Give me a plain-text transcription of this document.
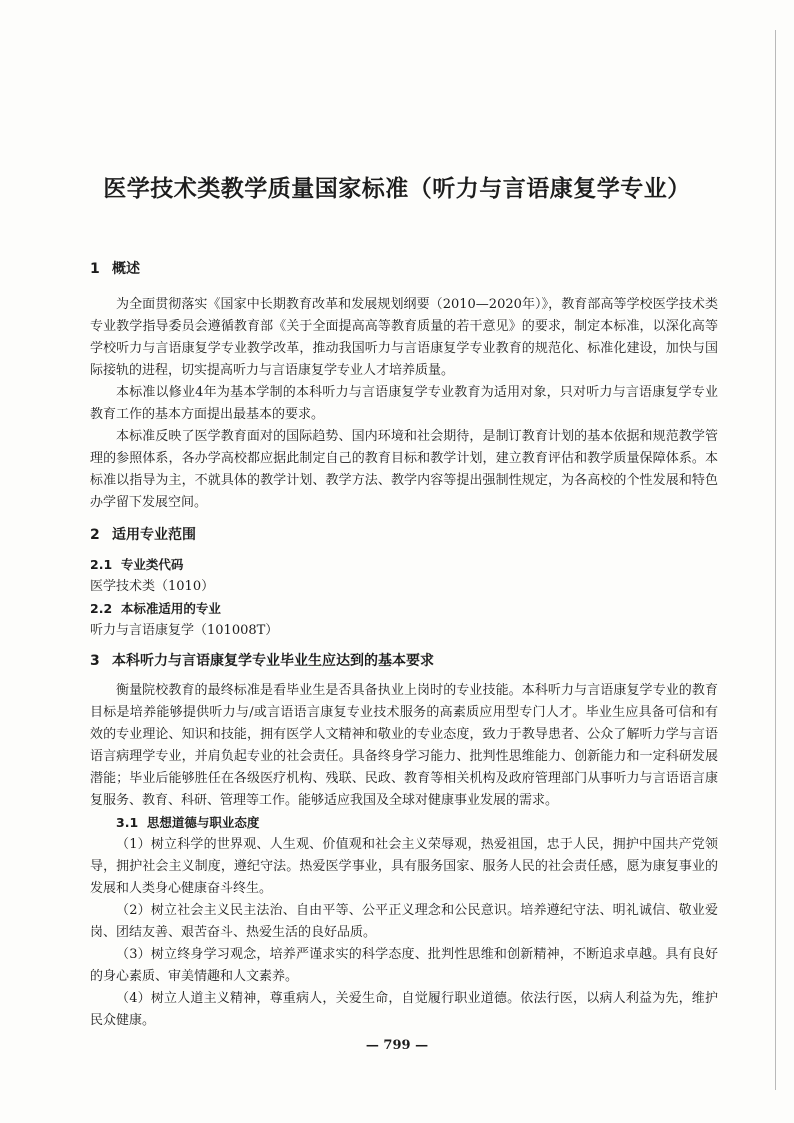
医学技术类教学质量国家标准（听力与言语康复学专业）
1 概述

为全面贯彻落实《国家中长期教育改革和发展规划纲要（2010—2020年）》，教育部高等学校医学技术类专业教学指导委员会遵循教育部《关于全面提高高等教育质量的若干意见》的要求，制定本标准，以深化高等学校听力与言语康复学专业教学改革，推动我国听力与言语康复学专业教育的规范化、标准化建设，加快与国际接轨的进程，切实提高听力与言语康复学专业人才培养质量。

本标准以修业4年为基本学制的本科听力与言语康复学专业教育为适用对象，只对听力与言语康复学专业教育工作的基本方面提出最基本的要求。

本标准反映了医学教育面对的国际趋势、国内环境和社会期待，是制订教育计划的基本依据和规范教学管理的参照体系，各办学高校都应据此制定自己的教育目标和教学计划，建立教育评估和教学质量保障体系。本标准以指导为主，不就具体的教学计划、教学方法、教学内容等提出强制性规定，为各高校的个性发展和特色办学留下发展空间。

2 适用专业范围
2.1 专业类代码

医学技术类（1010）

2.2 本标准适用的专业

听力与言语康复学（101008T）

3 本科听力与言语康复学专业毕业生应达到的基本要求

衡量院校教育的最终标准是看毕业生是否具备执业上岗时的专业技能。本科听力与言语康复学专业的教育目标是培养能够提供听力与/或言语语言康复专业技术服务的高素质应用型专门人才。毕业生应具备可信和有效的专业理论、知识和技能，拥有医学人文精神和敬业的专业态度，致力于教导患者、公众了解听力学与言语语言病理学专业，并肩负起专业的社会责任。具备终身学习能力、批判性思维能力、创新能力和一定科研发展潜能；毕业后能够胜任在各级医疗机构、残联、民政、教育等相关机构及政府管理部门从事听力与言语语言康复服务、教育、科研、管理等工作。能够适应我国及全球对健康事业发展的需求。

3.1 思想道德与职业态度

（1）树立科学的世界观、人生观、价值观和社会主义荣辱观，热爱祖国，忠于人民，拥护中国共产党领导，拥护社会主义制度，遵纪守法。热爱医学事业，具有服务国家、服务人民的社会责任感，愿为康复事业的发展和人类身心健康奋斗终生。

（2）树立社会主义民主法治、自由平等、公平正义理念和公民意识。培养遵纪守法、明礼诚信、敬业爱岗、团结友善、艰苦奋斗、热爱生活的良好品质。

（3）树立终身学习观念，培养严谨求实的科学态度、批判性思维和创新精神，不断追求卓越。具有良好的身心素质、审美情趣和人文素养。

（4）树立人道主义精神，尊重病人，关爱生命，自觉履行职业道德。依法行医，以病人利益为先，维护民众健康。

— 799 —
